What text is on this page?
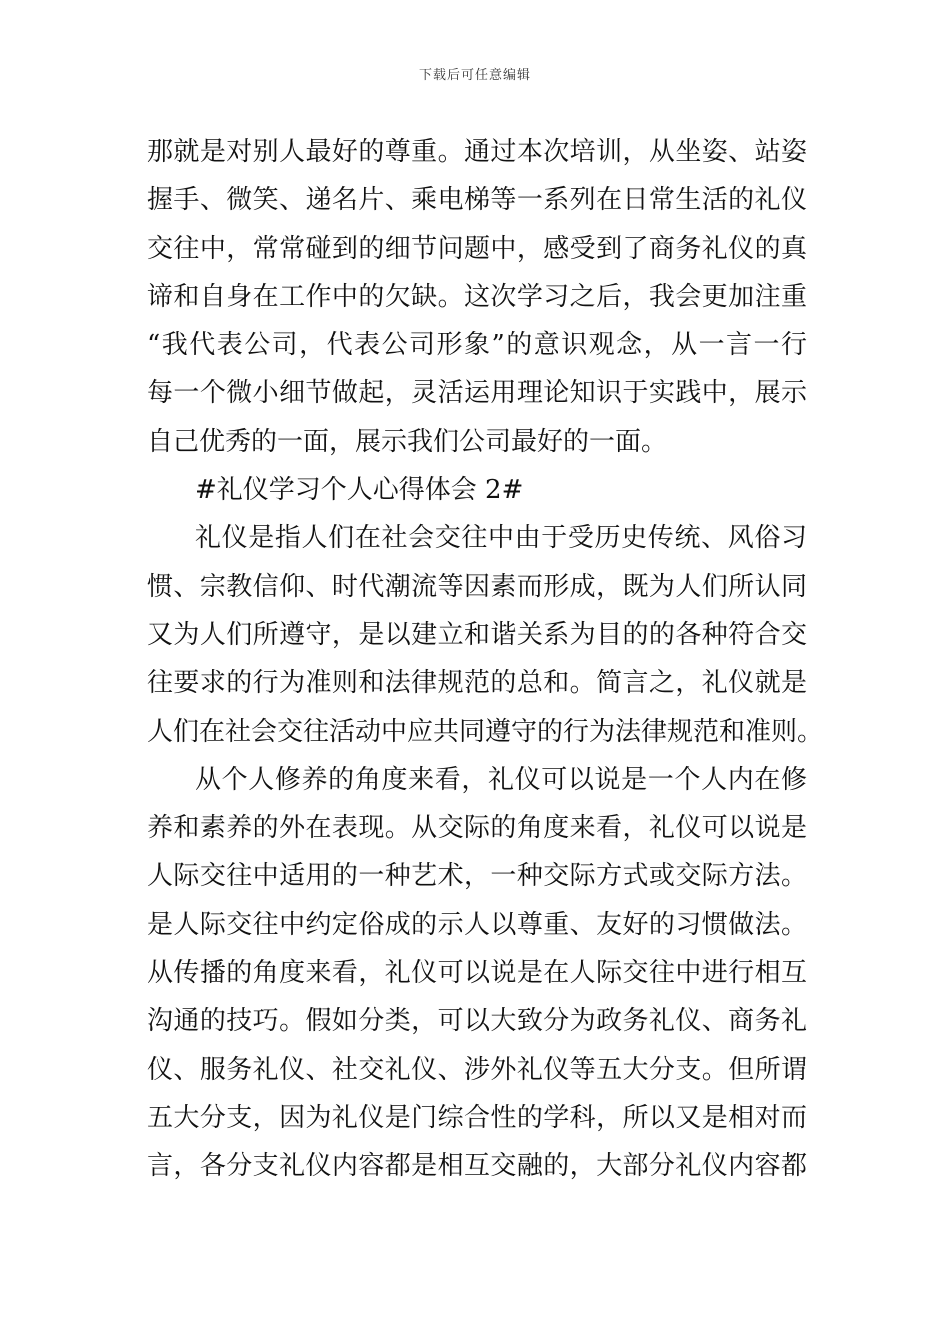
下载后可任意编辑
那就是对别人最好的尊重。通过本次培训，从坐姿、站姿
握手、微笑、递名片、乘电梯等一系列在日常生活的礼仪
交往中，常常碰到的细节问题中，感受到了商务礼仪的真
谛和自身在工作中的欠缺。这次学习之后，我会更加注重
“我代表公司，代表公司形象”的意识观念，从一言一行
每一个微小细节做起，灵活运用理论知识于实践中，展示
自己优秀的一面，展示我们公司最好的一面。
#礼仪学习个人心得体会 2#
礼仪是指人们在社会交往中由于受历史传统、风俗习
惯、宗教信仰、时代潮流等因素而形成，既为人们所认同
又为人们所遵守，是以建立和谐关系为目的的各种符合交
往要求的行为准则和法律规范的总和。简言之，礼仪就是
人们在社会交往活动中应共同遵守的行为法律规范和准则。
从个人修养的角度来看，礼仪可以说是一个人内在修
养和素养的外在表现。从交际的角度来看，礼仪可以说是
人际交往中适用的一种艺术，一种交际方式或交际方法。
是人际交往中约定俗成的示人以尊重、友好的习惯做法。
从传播的角度来看，礼仪可以说是在人际交往中进行相互
沟通的技巧。假如分类，可以大致分为政务礼仪、商务礼
仪、服务礼仪、社交礼仪、涉外礼仪等五大分支。但所谓
五大分支，因为礼仪是门综合性的学科，所以又是相对而
言，各分支礼仪内容都是相互交融的，大部分礼仪内容都
